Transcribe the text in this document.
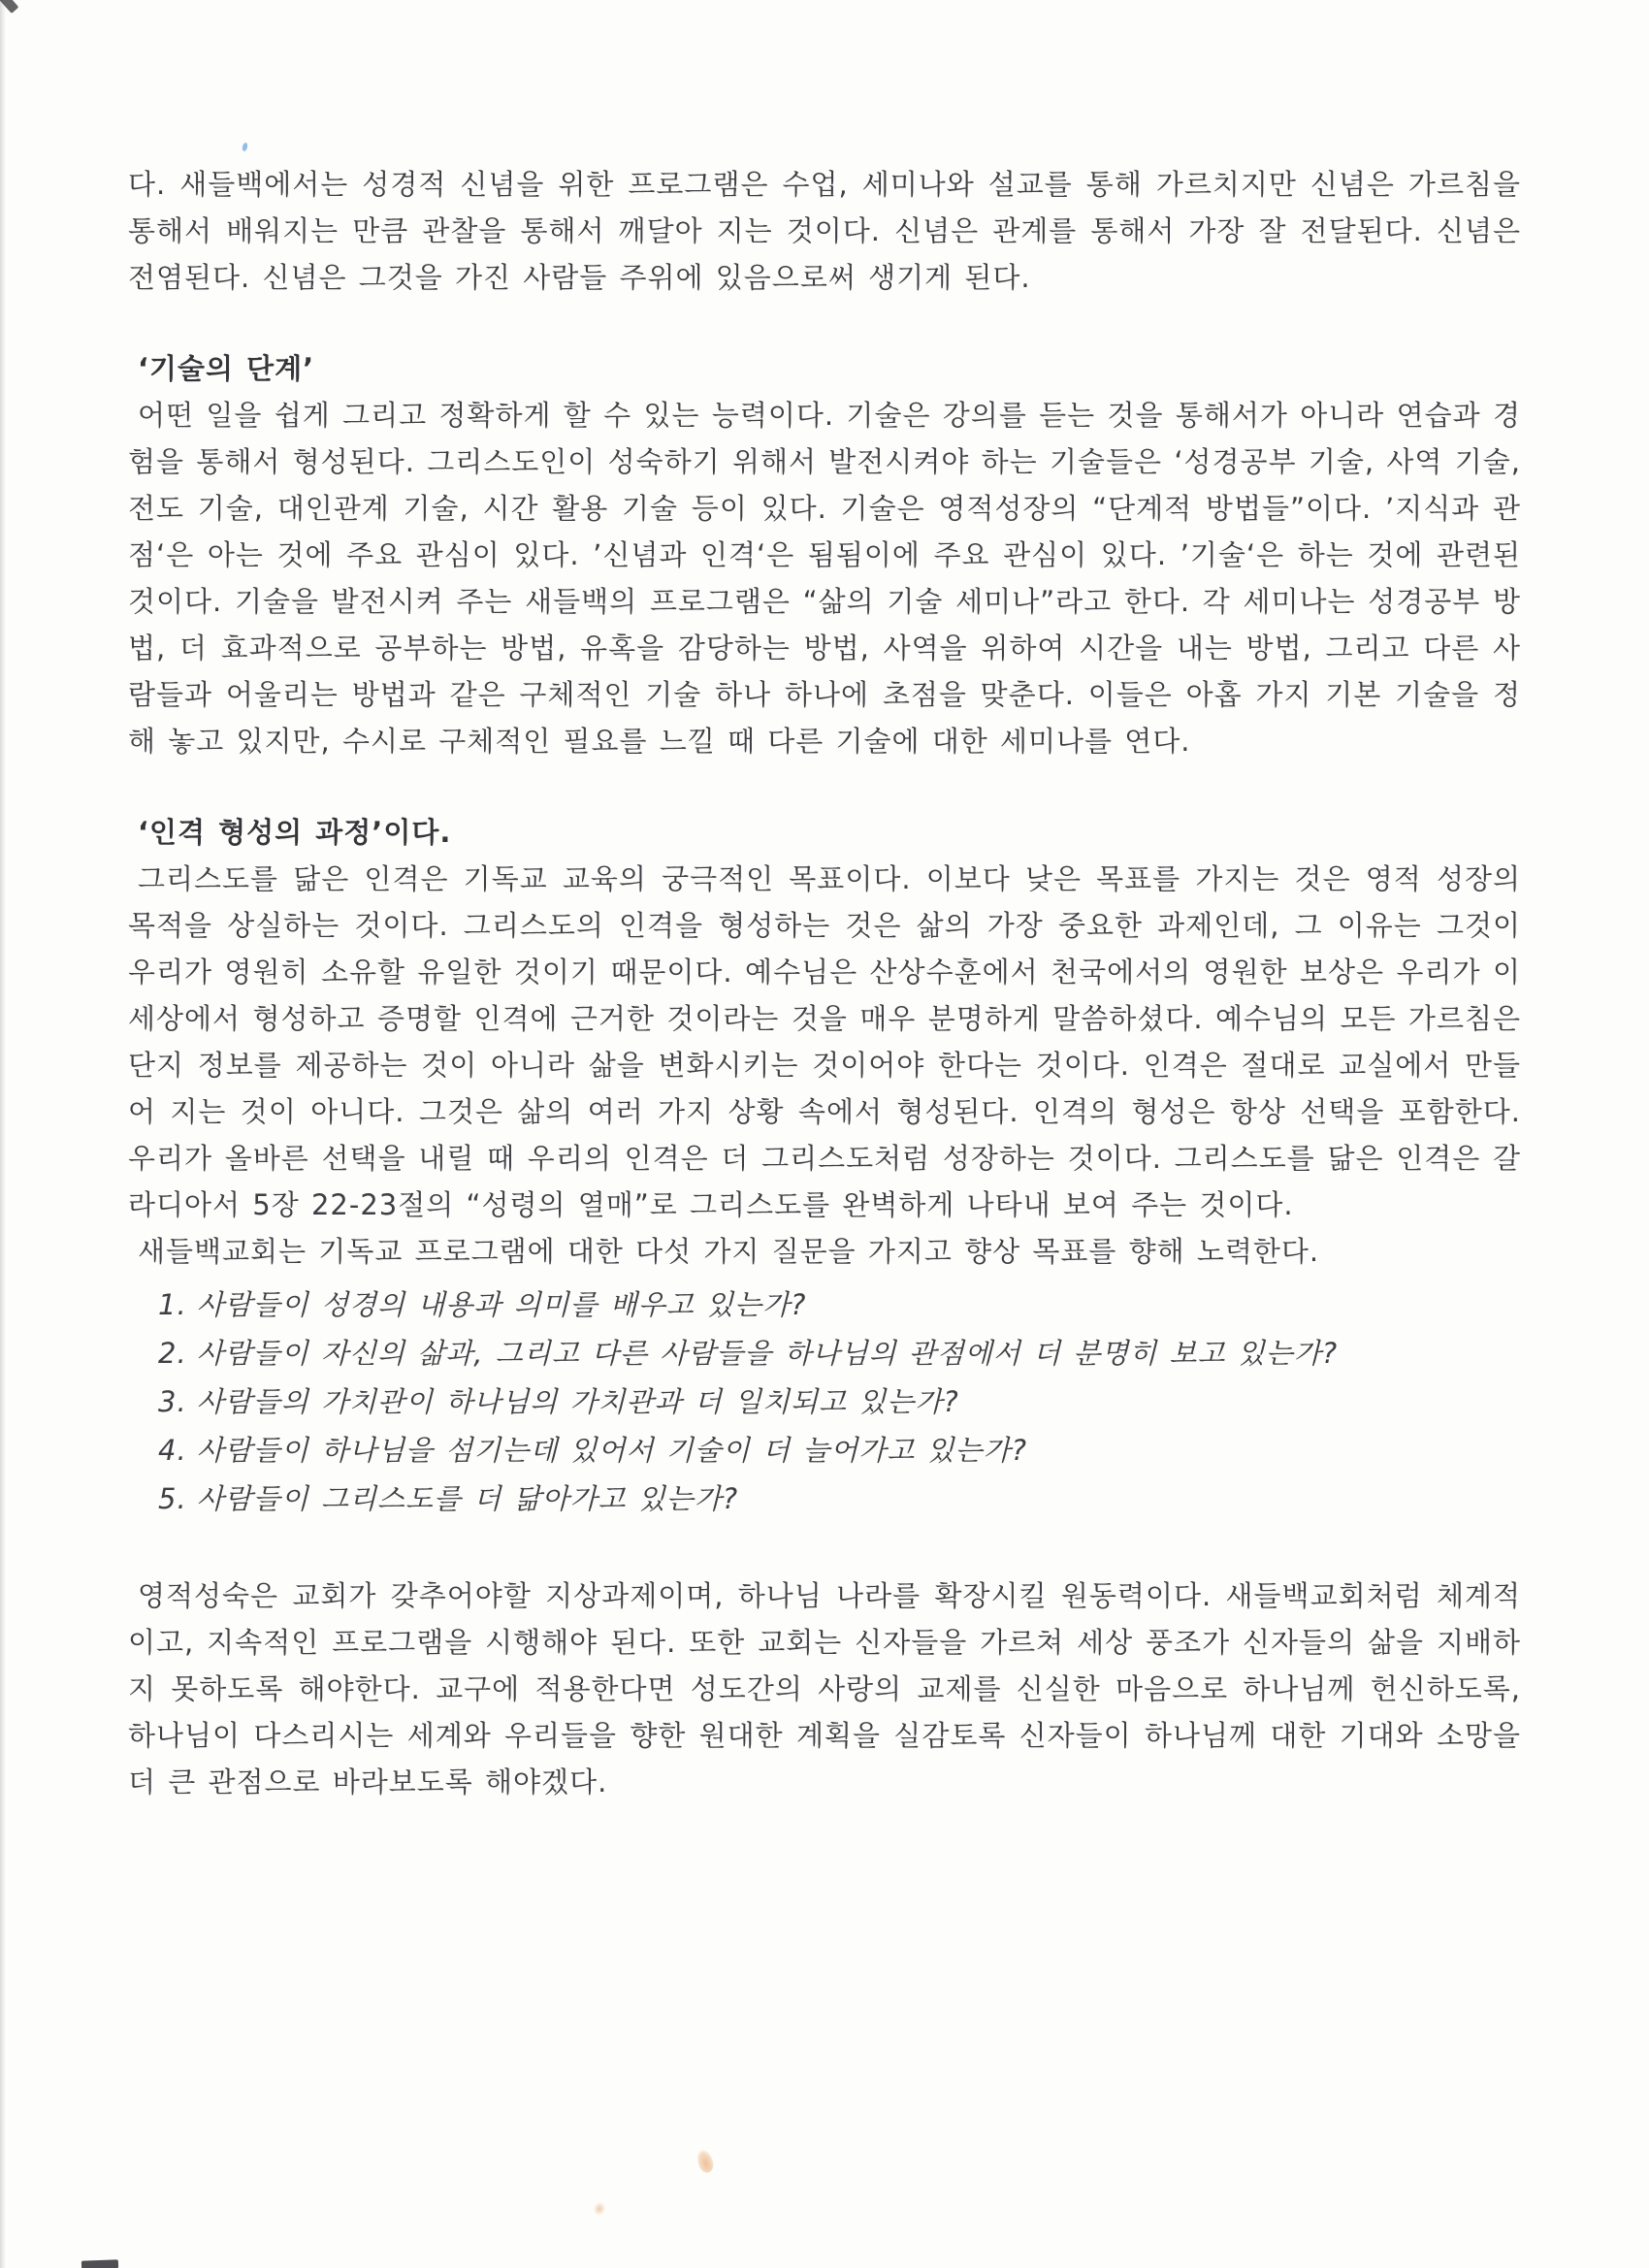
다. 새들백에서는 성경적 신념을 위한 프로그램은 수업, 세미나와 설교를 통해 가르치지만 신념은 가르침을 통해서 배워지는 만큼 관찰을 통해서 깨달아 지는 것이다. 신념은 관계를 통해서 가장 잘 전달된다. 신념은 전염된다. 신념은 그것을 가진 사람들 주위에 있음으로써 생기게 된다.

‘기술의 단계’

어떤 일을 쉽게 그리고 정확하게 할 수 있는 능력이다. 기술은 강의를 듣는 것을 통해서가 아니라 연습과 경험을 통해서 형성된다. 그리스도인이 성숙하기 위해서 발전시켜야 하는 기술들은 ‘성경공부 기술, 사역 기술, 전도 기술, 대인관계 기술, 시간 활용 기술 등이 있다. 기술은 영적성장의 “단계적 방법들”이다. ’지식과 관점‘은 아는 것에 주요 관심이 있다. ’신념과 인격‘은 됨됨이에 주요 관심이 있다. ’기술‘은 하는 것에 관련된 것이다. 기술을 발전시켜 주는 새들백의 프로그램은 “삶의 기술 세미나”라고 한다. 각 세미나는 성경공부 방법, 더 효과적으로 공부하는 방법, 유혹을 감당하는 방법, 사역을 위하여 시간을 내는 방법, 그리고 다른 사람들과 어울리는 방법과 같은 구체적인 기술 하나 하나에 초점을 맞춘다. 이들은 아홉 가지 기본 기술을 정해 놓고 있지만, 수시로 구체적인 필요를 느낄 때 다른 기술에 대한 세미나를 연다.

‘인격 형성의 과정’이다.

그리스도를 닮은 인격은 기독교 교육의 궁극적인 목표이다. 이보다 낮은 목표를 가지는 것은 영적 성장의 목적을 상실하는 것이다. 그리스도의 인격을 형성하는 것은 삶의 가장 중요한 과제인데, 그 이유는 그것이 우리가 영원히 소유할 유일한 것이기 때문이다. 예수님은 산상수훈에서 천국에서의 영원한 보상은 우리가 이 세상에서 형성하고 증명할 인격에 근거한 것이라는 것을 매우 분명하게 말씀하셨다. 예수님의 모든 가르침은 단지 정보를 제공하는 것이 아니라 삶을 변화시키는 것이어야 한다는 것이다. 인격은 절대로 교실에서 만들어 지는 것이 아니다. 그것은 삶의 여러 가지 상황 속에서 형성된다. 인격의 형성은 항상 선택을 포함한다. 우리가 올바른 선택을 내릴 때 우리의 인격은 더 그리스도처럼 성장하는 것이다. 그리스도를 닮은 인격은 갈라디아서 5장 22-23절의 “성령의 열매”로 그리스도를 완벽하게 나타내 보여 주는 것이다.

새들백교회는 기독교 프로그램에 대한 다섯 가지 질문을 가지고 향상 목표를 향해 노력한다.

1. 사람들이 성경의 내용과 의미를 배우고 있는가?
2. 사람들이 자신의 삶과, 그리고 다른 사람들을 하나님의 관점에서 더 분명히 보고 있는가?
3. 사람들의 가치관이 하나님의 가치관과 더 일치되고 있는가?
4. 사람들이 하나님을 섬기는데 있어서 기술이 더 늘어가고 있는가?
5. 사람들이 그리스도를 더 닮아가고 있는가?

영적성숙은 교회가 갖추어야할 지상과제이며, 하나님 나라를 확장시킬 원동력이다. 새들백교회처럼 체계적이고, 지속적인 프로그램을 시행해야 된다. 또한 교회는 신자들을 가르쳐 세상 풍조가 신자들의 삶을 지배하지 못하도록 해야한다. 교구에 적용한다면 성도간의 사랑의 교제를 신실한 마음으로 하나님께 헌신하도록, 하나님이 다스리시는 세계와 우리들을 향한 원대한 계획을 실감토록 신자들이 하나님께 대한 기대와 소망을 더 큰 관점으로 바라보도록 해야겠다.
